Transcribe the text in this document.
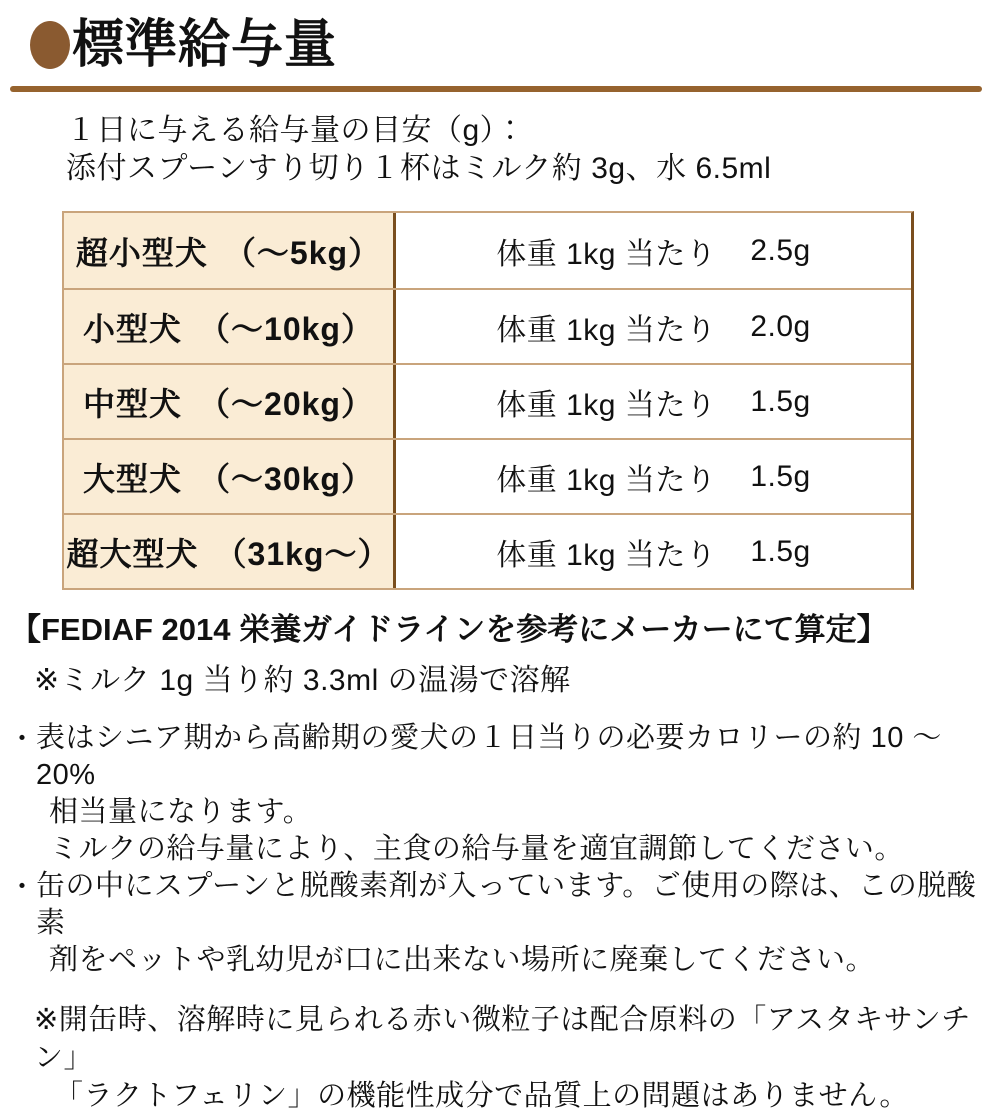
標準給与量
１日に与える給与量の目安（g）：
添付スプーンすり切り１杯はミルク約 3g、水 6.5ml
超小型犬 （～5kg）	体重 1kg 当たり 2.5g
小型犬 （～10kg）	体重 1kg 当たり 2.0g
中型犬 （～20kg）	体重 1kg 当たり 1.5g
大型犬 （～30kg）	体重 1kg 当たり 1.5g
超大型犬 （31kg～）	体重 1kg 当たり 1.5g
【FEDIAF 2014 栄養ガイドラインを参考にメーカーにて算定】
※ミルク 1g 当り約 3.3ml の温湯で溶解
・ 表はシニア期から高齢期の愛犬の１日当りの必要カロリーの約 10 ～ 20%
相当量になります。
ミルクの給与量により、主食の給与量を適宜調節してください。
・ 缶の中にスプーンと脱酸素剤が入っています。ご使用の際は、この脱酸素
剤をペットや乳幼児が口に出来ない場所に廃棄してください。
※開缶時、溶解時に見られる赤い微粒子は配合原料の「アスタキサンチン」
「ラクトフェリン」の機能性成分で品質上の問題はありません。
